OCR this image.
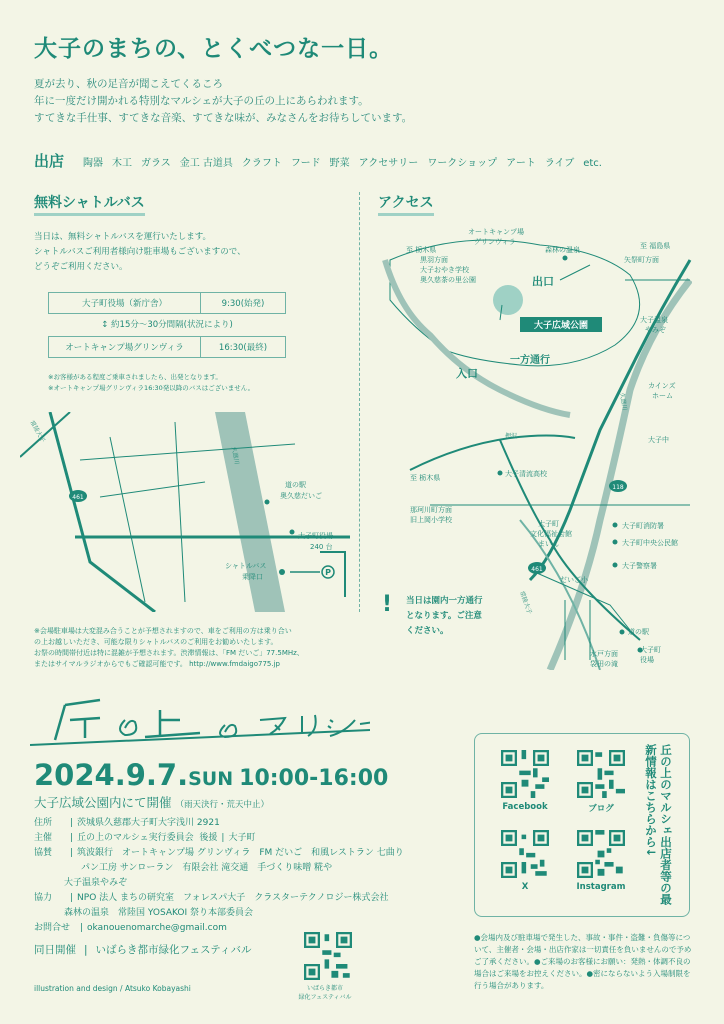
大子のまちの、とくべつな一日。
夏が去り、秋の足音が聞こえてくるころ
年に一度だけ開かれる特別なマルシェが大子の丘の上にあらわれます。
すてきな手仕事、すてきな音楽、すてきな味が、みなさんをお待ちしています。
出店 陶器 木工 ガラス 金工 古道具 クラフト フード 野菜 アクセサリー ワークショップ アート ライブ etc.
無料シャトルバス
当日は、無料シャトルバスを運行いたします。
シャトルバスご利用者様向け駐車場もございますので、
どうぞご利用ください。
大子町役場（新庁舎）	9:30(始発)
↕ 約15分～30分間隔(状況により)
オートキャンプ場グリンヴィラ	16:30(最終)
※お客様がある程度ご乗車されましたら、出発となります。
※オートキャンプ場グリンヴィラ16:30発以降のバスはございません。
461
道の駅
奥久慈だいご
大子町役場
240 台
シャトルバス
乗降口
久慈川
常陸大子
P
※会場駐車場は大変混み合うことが予想されますので、車をご利用の方は乗り合い
の上お越しいただき、可能な限りシャトルバスのご利用をお勧めいたします。
お祭の時間帯付近は特に混雑が予想されます。渋滞情報は、「FM だいご」77.5MHz、
またはサイマルラジオからでもご確認可能です。 http://www.fmdaigo775.jp
アクセス
118
461
大子広域公園
出口
入口
一方通行
至 栃木県
黒羽方面
大子おやき学校
奥久慈茶の里公園
オートキャンプ場
グリンヴィラ
森林の温泉	至 福島県
矢祭町方面
大子温泉
やみぞ
カインズ
ホーム
久慈川
大子中
押沢
至 栃木県	大子清流高校
那珂川町方面
旧上岡小学校	大子町
文化福祉会館
まいん
大子町消防署
大子町中央公民館
大子警察署
だいご小
常陸大子
道の駅
水戸方面
袋田の滝
大子町
役場
! 当日は園内一方通行
となります。ご注意
ください。
2024.9.7.SUN 10:00-16:00
大子広域公園内にて開催 （雨天決行・荒天中止）
住所	| 茨城県久慈郡大子町大字浅川 2921
主催	| 丘の上のマルシェ実行委員会
後援 | 大子町
協賛	| 筑波銀行　オートキャンプ場 グリンヴィラ　FM だいご　和風レストラン 七曲り
パン工房 サンローラン　有限会社 滝交通　手づくり味噌 糀や
大子温泉やみぞ
協力	| NPO 法人 まちの研究室　フォレスパ大子　クラスターテクノロジー株式会社
森林の温泉　常陸国 YOSAKOI 祭り本部委員会
お問合せ	| okanouenomarche@gmail.com
同日開催 | いばらき都市緑化フェスティバル
いばらき都市
緑化フェスティバル
illustration and design / Atsuko Kobayashi
Facebook	ブログ
X	Instagram	丘の上のマルシェ出店者等の最新情報はこちらから↓
●会場内及び駐車場で発生した、事故・事件・盗難・負傷等について、主催者・会場・出店作家は一切責任を負いませんので予めご了承ください。●ご来場のお客様にお願い：発熱・体調不良の場合はご来場をお控えください。●密にならないよう入場制限を行う場合があります。
